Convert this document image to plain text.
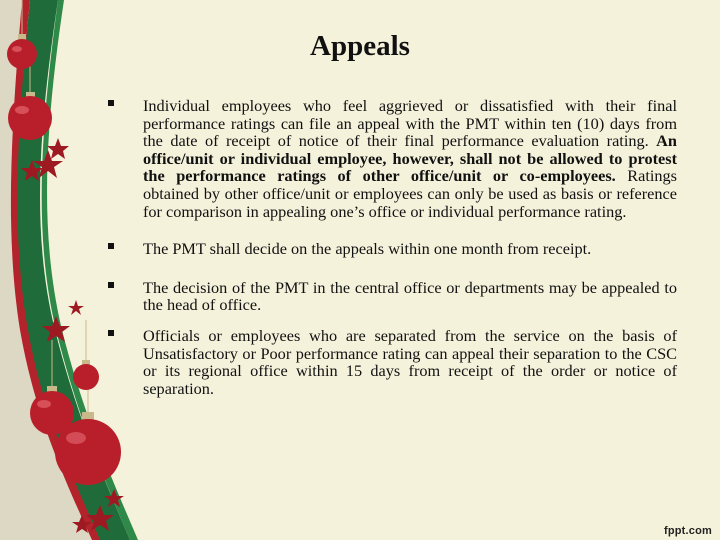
Appeals
Individual employees who feel aggrieved or dissatisfied with their final performance ratings can file an appeal with the PMT within ten (10) days from the date of receipt of notice of their final performance evaluation rating. An office/unit or individual employee, however, shall not be allowed to protest the performance ratings of other office/unit or co-employees. Ratings obtained by other office/unit or employees can only be used as basis or reference for comparison in appealing one’s office or individual performance rating.
The PMT shall decide on the appeals within one month from receipt.
The decision of the PMT in the central office or departments may be appealed to the head of office.
Officials or employees who are separated from the service on the basis of Unsatisfactory or Poor performance rating can appeal their separation to the CSC or its regional office within 15 days from receipt of the order or notice of separation.
fppt.com
